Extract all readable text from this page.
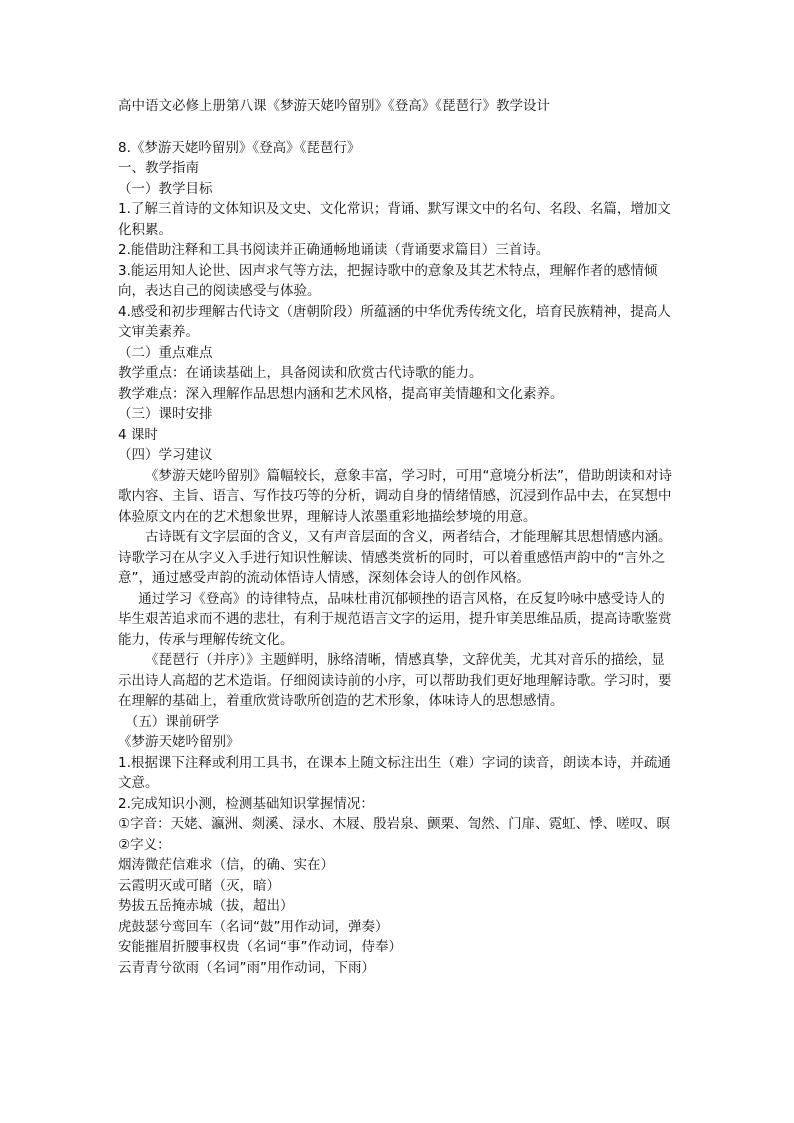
高中语文必修上册第八课《梦游天姥吟留别》《登高》《琵琶行》教学设计

8.《梦游天姥吟留别》《登高》《琵琶行》

一、教学指南

（一）教学目标

1.了解三首诗的文体知识及文史、文化常识；背诵、默写课文中的名句、名段、名篇，增加文化积累。

2.能借助注释和工具书阅读并正确通畅地诵读（背诵要求篇目）三首诗。

3.能运用知人论世、因声求气等方法，把握诗歌中的意象及其艺术特点，理解作者的感情倾向，表达自己的阅读感受与体验。

4.感受和初步理解古代诗文（唐朝阶段）所蕴涵的中华优秀传统文化，培育民族精神，提高人文审美素养。

（二）重点难点

教学重点：在诵读基础上，具备阅读和欣赏古代诗歌的能力。

教学难点：深入理解作品思想内涵和艺术风格，提高审美情趣和文化素养。

（三）课时安排

4 课时

（四）学习建议

《梦游天姥吟留别》篇幅较长，意象丰富，学习时，可用“意境分析法”，借助朗读和对诗歌内容、主旨、语言、写作技巧等的分析，调动自身的情绪情感，沉浸到作品中去，在冥想中体验原文内在的艺术想象世界，理解诗人浓墨重彩地描绘梦境的用意。

古诗既有文字层面的含义，又有声音层面的含义，两者结合，才能理解其思想情感内涵。诗歌学习在从字义入手进行知识性解读、情感类赏析的同时，可以着重感悟声韵中的“言外之意”，通过感受声韵的流动体悟诗人情感，深刻体会诗人的创作风格。

通过学习《登高》的诗律特点，品味杜甫沉郁顿挫的语言风格，在反复吟咏中感受诗人的毕生艰苦追求而不遇的悲壮，有利于规范语言文字的运用，提升审美思维品质，提高诗歌鉴赏能力，传承与理解传统文化。

《琵琶行（并序）》主题鲜明，脉络清晰，情感真挚，文辞优美，尤其对音乐的描绘，显示出诗人高超的艺术造诣。仔细阅读诗前的小序，可以帮助我们更好地理解诗歌。学习时，要在理解的基础上，着重欣赏诗歌所创造的艺术形象，体味诗人的思想感情。

（五）课前研学

《梦游天姥吟留别》

1.根据课下注释或利用工具书，在课本上随文标注出生（难）字词的读音，朗读本诗，并疏通文意。

2.完成知识小测，检测基础知识掌握情况：

①字音：天姥、瀛洲、剡溪、渌水、木屐、殷岩泉、颤栗、訇然、门扉、霓虹、悸、嗟叹、暝

②字义：

烟涛微茫信难求（信，的确、实在）

云霞明灭或可睹（灭，暗）

势拔五岳掩赤城（拔，超出）

虎鼓瑟兮鸾回车（名词“鼓”用作动词，弹奏）

安能摧眉折腰事权贵（名词“事”作动词，侍奉）

云青青兮欲雨（名词”雨”用作动词，下雨）
